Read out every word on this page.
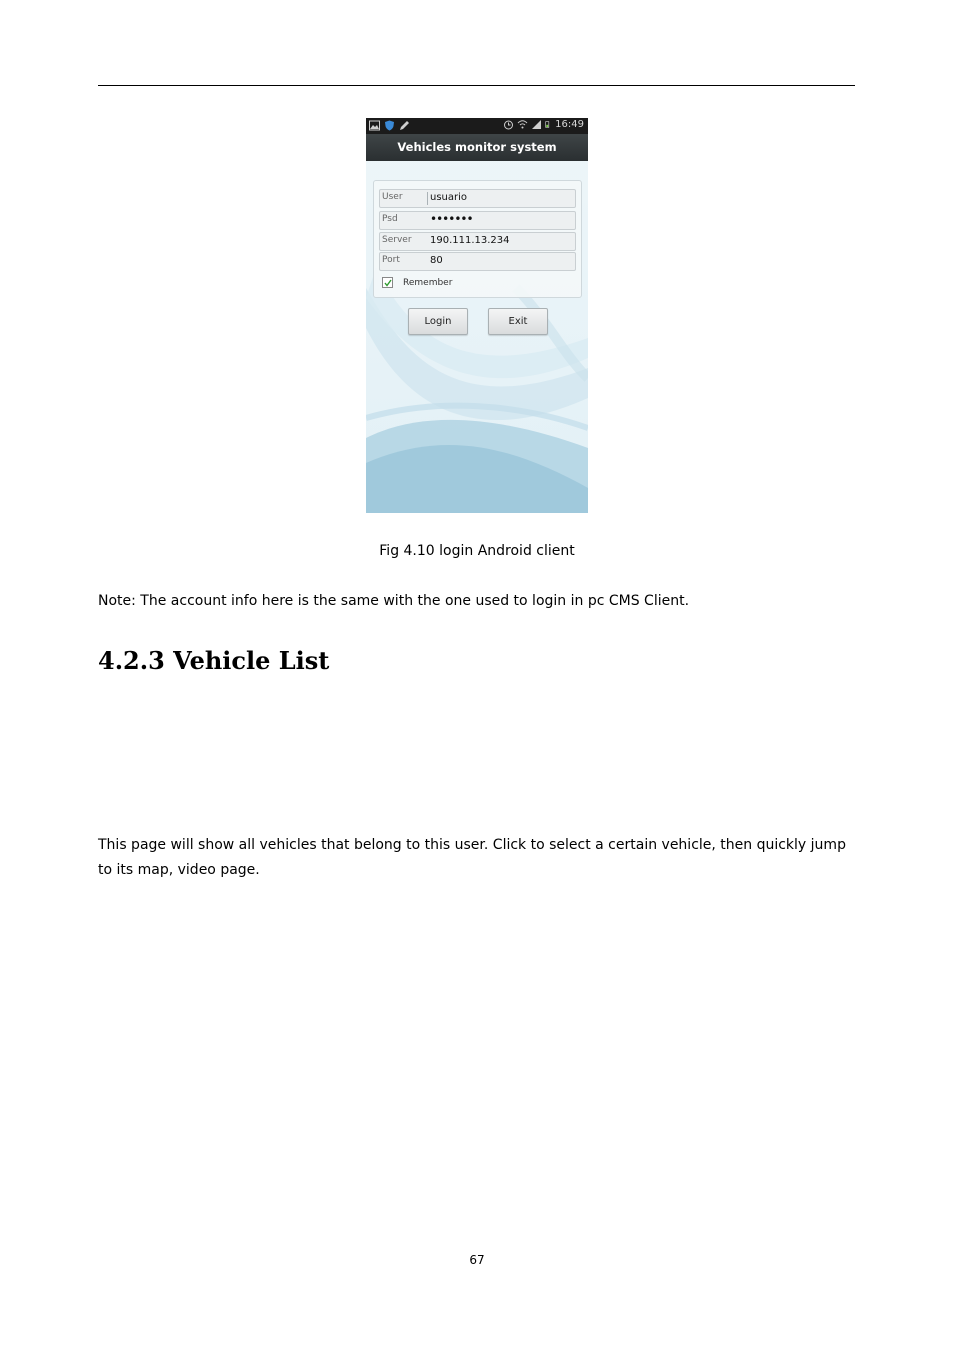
16:49
Vehicles monitor system
User	usuario
Psd	•••••••
Server 190.111.13.234
Port	80
Remember
Login	Exit
Fig 4.10 login Android client
Note: The account info here is the same with the one used to login in pc CMS Client.
4.2.3 Vehicle List

This page will show all vehicles that belong to this user. Click to select a certain vehicle, then quickly jump to its map, video page.

67
